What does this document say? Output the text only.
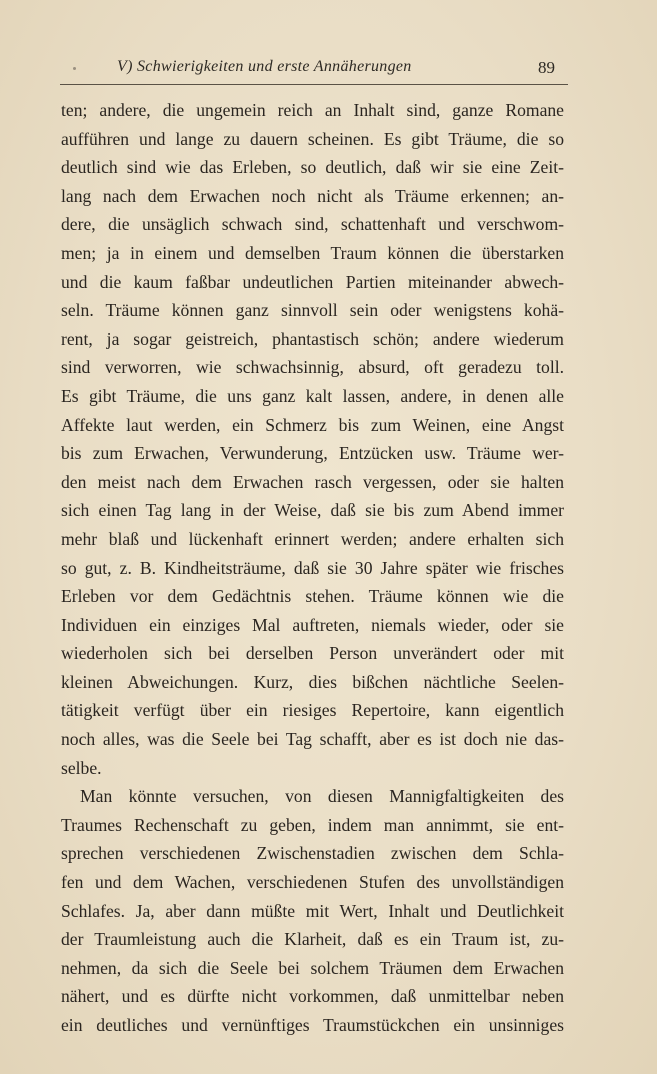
V) Schwierigkeiten und erste Annäherungen	89
ten; andere, die ungemein reich an Inhalt sind, ganze Romane
aufführen und lange zu dauern scheinen. Es gibt Träume, die so
deutlich sind wie das Erleben, so deutlich, daß wir sie eine Zeit-
lang nach dem Erwachen noch nicht als Träume erkennen; an-
dere, die unsäglich schwach sind, schattenhaft und verschwom-
men; ja in einem und demselben Traum können die überstarken
und die kaum faßbar undeutlichen Partien miteinander abwech-
seln. Träume können ganz sinnvoll sein oder wenigstens kohä-
rent, ja sogar geistreich, phantastisch schön; andere wiederum
sind verworren, wie schwachsinnig, absurd, oft geradezu toll.
Es gibt Träume, die uns ganz kalt lassen, andere, in denen alle
Affekte laut werden, ein Schmerz bis zum Weinen, eine Angst
bis zum Erwachen, Verwunderung, Entzücken usw. Träume wer-
den meist nach dem Erwachen rasch vergessen, oder sie halten
sich einen Tag lang in der Weise, daß sie bis zum Abend immer
mehr blaß und lückenhaft erinnert werden; andere erhalten sich
so gut, z. B. Kindheitsträume, daß sie 30 Jahre später wie frisches
Erleben vor dem Gedächtnis stehen. Träume können wie die
Individuen ein einziges Mal auftreten, niemals wieder, oder sie
wiederholen sich bei derselben Person unverändert oder mit
kleinen Abweichungen. Kurz, dies bißchen nächtliche Seelen-
tätigkeit verfügt über ein riesiges Repertoire, kann eigentlich
noch alles, was die Seele bei Tag schafft, aber es ist doch nie das-
selbe.
Man könnte versuchen, von diesen Mannigfaltigkeiten des
Traumes Rechenschaft zu geben, indem man annimmt, sie ent-
sprechen verschiedenen Zwischenstadien zwischen dem Schla-
fen und dem Wachen, verschiedenen Stufen des unvollständigen
Schlafes. Ja, aber dann müßte mit Wert, Inhalt und Deutlichkeit
der Traumleistung auch die Klarheit, daß es ein Traum ist, zu-
nehmen, da sich die Seele bei solchem Träumen dem Erwachen
nähert, und es dürfte nicht vorkommen, daß unmittelbar neben
ein deutliches und vernünftiges Traumstückchen ein unsinniges
